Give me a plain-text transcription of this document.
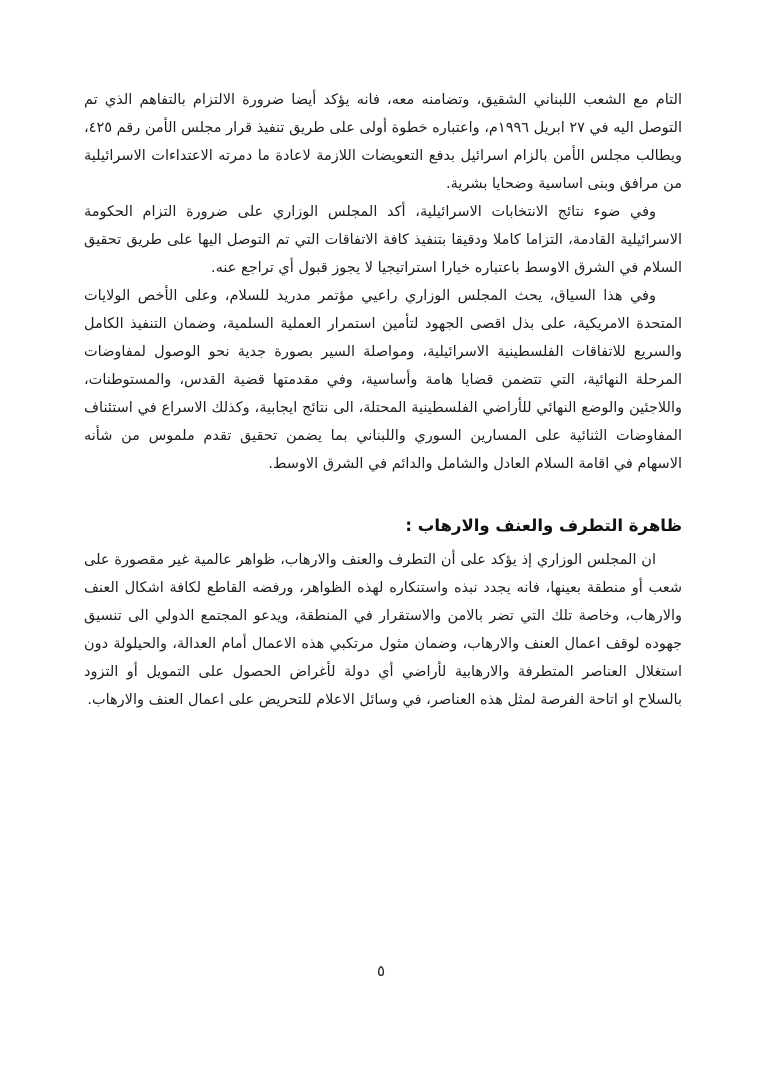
التام مع الشعب اللبناني الشقيق، وتضامنه معه، فانه يؤكد أيضا ضرورة الالتزام بالتفاهم الذي تم التوصل اليه في ٢٧ ابريل ١٩٩٦م، واعتباره خطوة أولى على طريق تنفيذ قرار مجلس الأمن رقم ٤٢٥، ويطالب مجلس الأمن بالزام اسرائيل بدفع التعويضات اللازمة لاعادة ما دمرته الاعتداءات الاسرائيلية من مرافق وبنى اساسية وضحايا بشرية.

وفي ضوء نتائج الانتخابات الاسرائيلية، أكد المجلس الوزاري على ضرورة التزام الحكومة الاسرائيلية القادمة، التزاما كاملا ودقيقا بتنفيذ كافة الاتفاقات التي تم التوصل اليها على طريق تحقيق السلام في الشرق الاوسط باعتباره خيارا استراتيجيا لا يجوز قبول أي تراجع عنه.

وفي هذا السياق، يحث المجلس الوزاري راعيي مؤتمر مدريد للسلام، وعلى الأخص الولايات المتحدة الامريكية، على بذل اقصى الجهود لتأمين استمرار العملية السلمية، وضمان التنفيذ الكامل والسريع للاتفاقات الفلسطينية الاسرائيلية، ومواصلة السير بصورة جدية نحو الوصول لمفاوضات المرحلة النهائية، التي تتضمن قضايا هامة وأساسية، وفي مقدمتها قضية القدس، والمستوطنات، واللاجئين والوضع النهائي للأراضي الفلسطينية المحتلة، الى نتائج ايجابية، وكذلك الاسراع في استئناف المفاوضات الثنائية على المسارين السوري واللبناني بما يضمن تحقيق تقدم ملموس من شأنه الاسهام في اقامة السلام العادل والشامل والدائم في الشرق الاوسط.

ظاهرة التطرف والعنف والارهاب :

ان المجلس الوزاري إذ يؤكد على أن التطرف والعنف والارهاب، ظواهر عالمية غير مقصورة على شعب أو منطقة بعينها، فانه يجدد نبذه واستنكاره لهذه الظواهر، ورفضه القاطع لكافة اشكال العنف والارهاب، وخاصة تلك التي تضر بالامن والاستقرار في المنطقة، ويدعو المجتمع الدولي الى تنسيق جهوده لوقف اعمال العنف والارهاب، وضمان مثول مرتكبي هذه الاعمال أمام العدالة، والحيلولة دون استغلال العناصر المتطرفة والارهابية لأراضي أي دولة لأغراض الحصول على التمويل أو التزود بالسلاح او اتاحة الفرصة لمثل هذه العناصر، في وسائل الاعلام للتحريض على اعمال العنف والارهاب.

٥
